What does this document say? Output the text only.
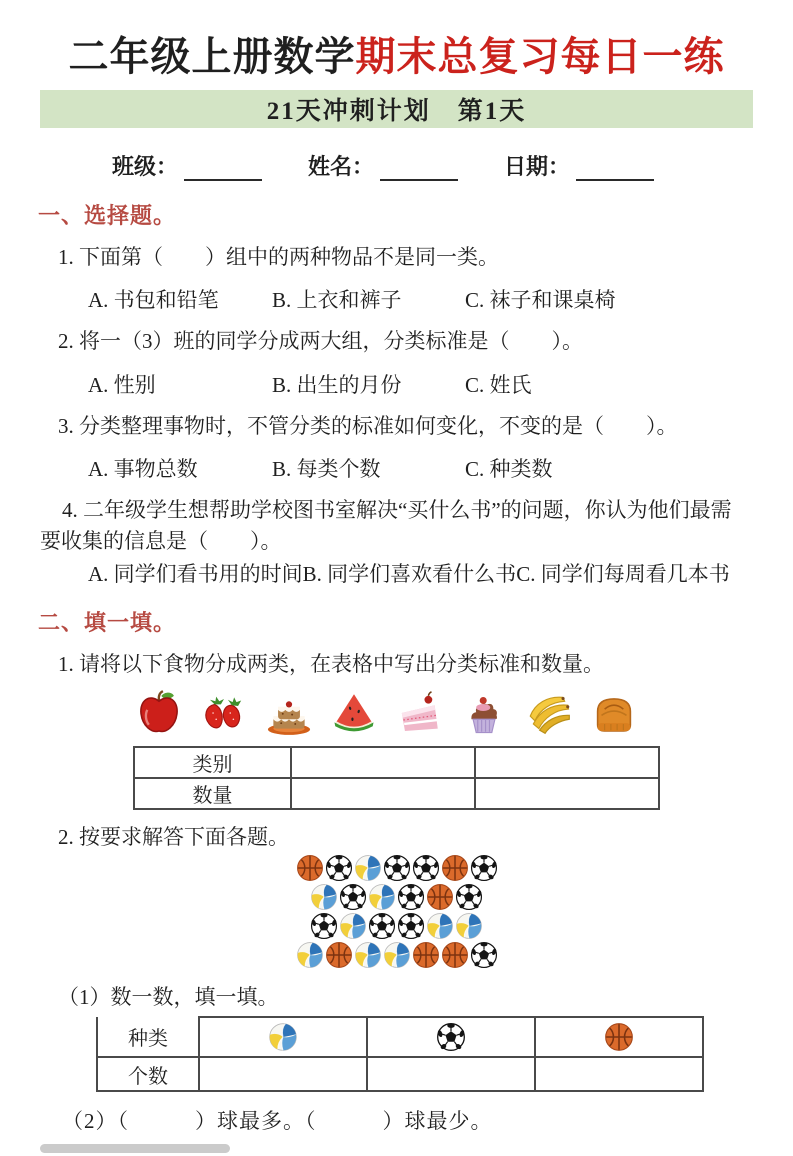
二年级上册数学期末总复习每日一练
21天冲刺计划　第1天
班级：	姓名：	日期：
一、选择题。
1. 下面第（　　）组中的两种物品不是同一类。
A. 书包和铅笔	B. 上衣和裤子	C. 袜子和课桌椅
2. 将一（3）班的同学分成两大组，分类标准是（　　）。
A. 性别	B. 出生的月份	C. 姓氏
3. 分类整理事物时，不管分类的标准如何变化，不变的是（　　）。
A. 事物总数	B. 每类个数	C. 种类数
4. 二年级学生想帮助学校图书室解决“买什么书”的问题，你认为他们最需要收集的信息是（　　）。
A. 同学们看书用的时间B. 同学们喜欢看什么书C. 同学们每周看几本书
二、填一填。
1. 请将以下食物分成两类，在表格中写出分类标准和数量。
类别		
数量		
2. 按要求解答下面各题。
（1）数一数，填一填。
种类			
个数			
（2）（　　　）球最多。（　　　）球最少。
